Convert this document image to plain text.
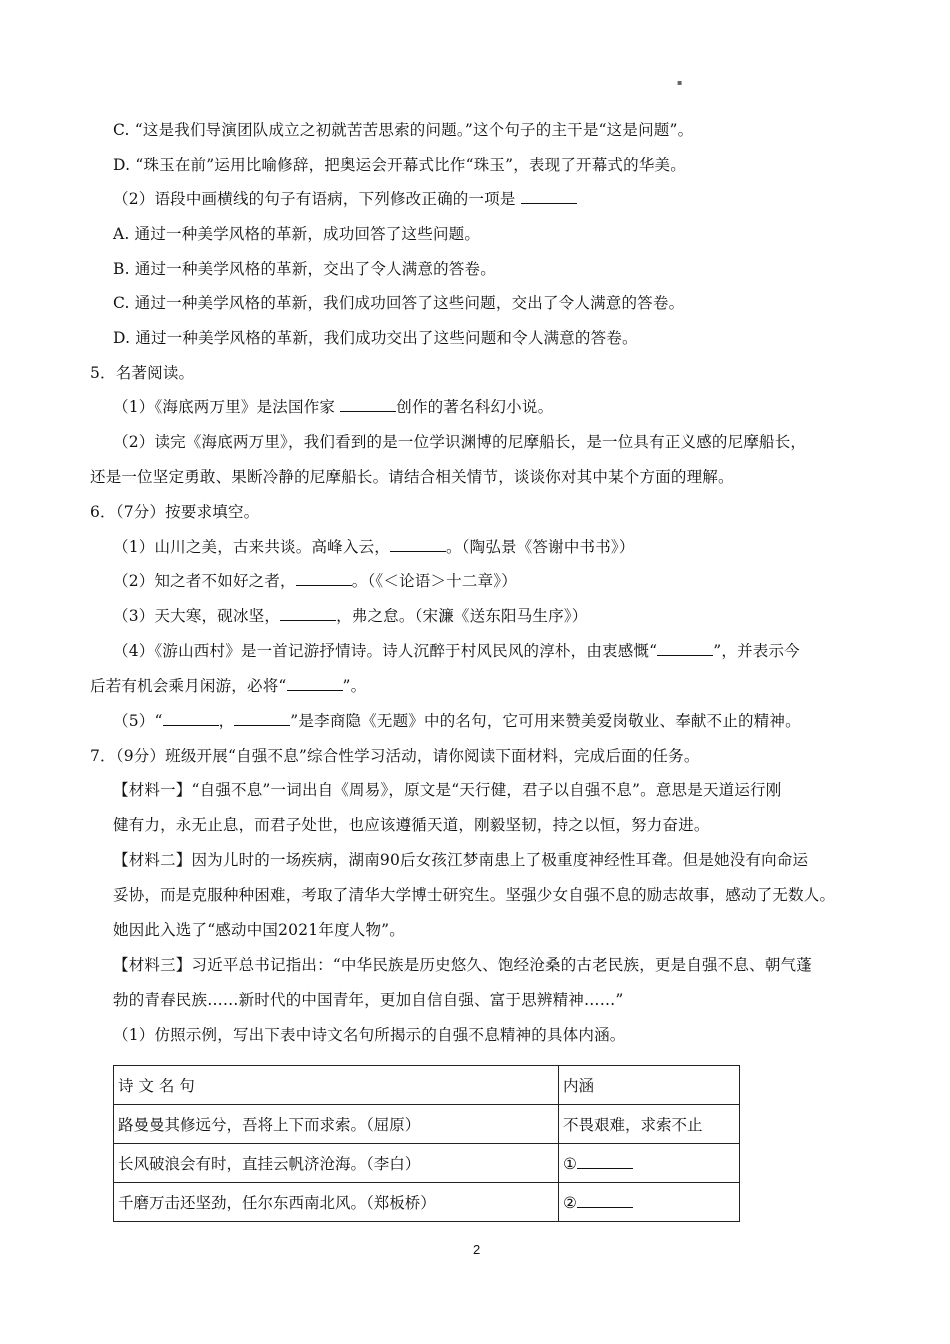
▪
C. “这是我们导演团队成立之初就苦苦思索的问题。”这个句子的主干是“这是问题”。
D. “珠玉在前”运用比喻修辞，把奥运会开幕式比作“珠玉”，表现了开幕式的华美。
（2）语段中画横线的句子有语病，下列修改正确的一项是
A. 通过一种美学风格的革新，成功回答了这些问题。
B. 通过一种美学风格的革新，交出了令人满意的答卷。
C. 通过一种美学风格的革新，我们成功回答了这些问题，交出了令人满意的答卷。
D. 通过一种美学风格的革新，我们成功交出了这些问题和令人满意的答卷。
5．名著阅读。
（1）《海底两万里》是法国作家	创作的著名科幻小说。
（2）读完《海底两万里》，我们看到的是一位学识渊博的尼摩船长，是一位具有正义感的尼摩船长，
还是一位坚定勇敢、果断冷静的尼摩船长。请结合相关情节，谈谈你对其中某个方面的理解。
6．（7分）按要求填空。
（1）山川之美，古来共谈。高峰入云，	。（陶弘景《答谢中书书》）
（2）知之者不如好之者，	。（《＜论语＞十二章》）
（3）天大寒，砚冰坚，	，弗之怠。（宋濂《送东阳马生序》）
（4）《游山西村》是一首记游抒情诗。诗人沉醉于村风民风的淳朴，由衷感慨“	”，并表示今
后若有机会乘月闲游，必将“	”。
（5）“	，	”是李商隐《无题》中的名句，它可用来赞美爱岗敬业、奉献不止的精神。
7．（9分）班级开展“自强不息”综合性学习活动，请你阅读下面材料，完成后面的任务。
【材料一】“自强不息”一词出自《周易》，原文是“天行健，君子以自强不息”。意思是天道运行刚
健有力，永无止息，而君子处世，也应该遵循天道，刚毅坚韧，持之以恒，努力奋进。
【材料二】因为儿时的一场疾病，湖南90后女孩江梦南患上了极重度神经性耳聋。但是她没有向命运
妥协，而是克服种种困难，考取了清华大学博士研究生。坚强少女自强不息的励志故事，感动了无数人。
她因此入选了“感动中国2021年度人物”。
【材料三】习近平总书记指出：“中华民族是历史悠久、饱经沧桑的古老民族，更是自强不息、朝气蓬
勃的青春民族……新时代的中国青年，更加自信自强、富于思辨精神……”
（1）仿照示例，写出下表中诗文名句所揭示的自强不息精神的具体内涵。
诗 文 名 句	内涵
路曼曼其修远兮，吾将上下而求索。（屈原）	不畏艰难，求索不止
长风破浪会有时，直挂云帆济沧海。（李白）	①
千磨万击还坚劲，任尔东西南北风。（郑板桥）	②
2
